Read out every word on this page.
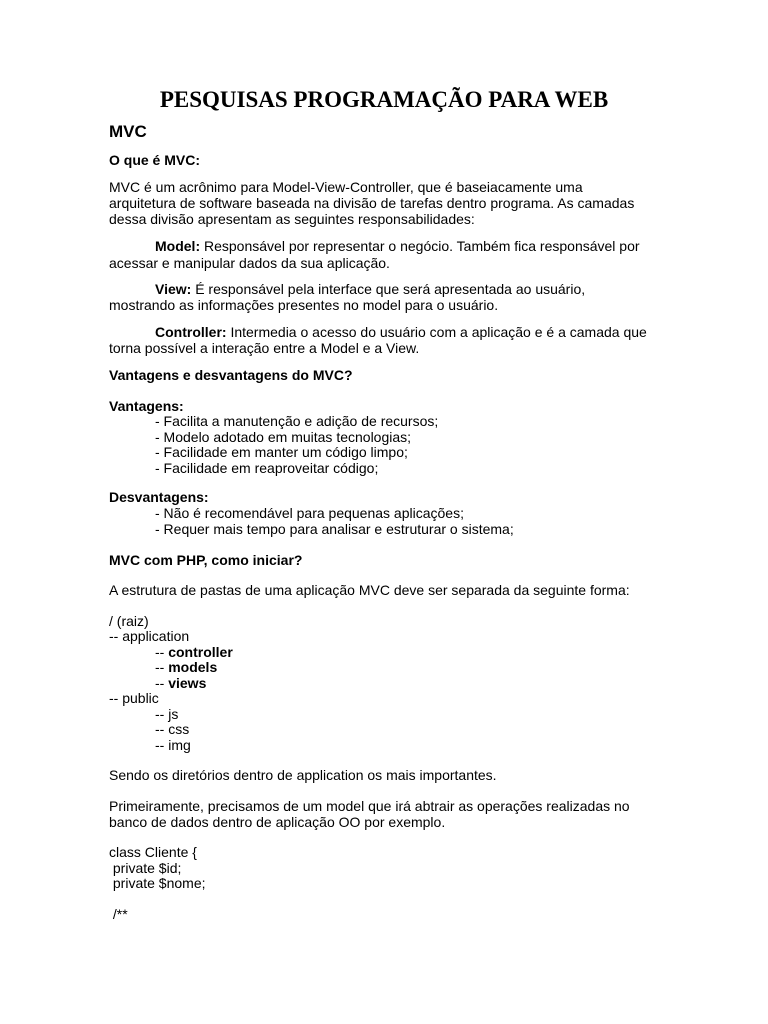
PESQUISAS PROGRAMAÇÃO PARA WEB
MVC
O que é MVC:
MVC é um acrônimo para Model-View-Controller, que é baseiacamente uma
arquitetura de software baseada na divisão de tarefas dentro programa. As camadas
dessa divisão apresentam as seguintes responsabilidades:
Model: Responsável por representar o negócio. Também fica responsável por
acessar e manipular dados da sua aplicação.
View: É responsável pela interface que será apresentada ao usuário,
mostrando as informações presentes no model para o usuário.
Controller: Intermedia o acesso do usuário com a aplicação e é a camada que
torna possível a interação entre a Model e a View.
Vantagens e desvantagens do MVC?
Vantagens:
- Facilita a manutenção e adição de recursos;
- Modelo adotado em muitas tecnologias;
- Facilidade em manter um código limpo;
- Facilidade em reaproveitar código;
Desvantagens:
- Não é recomendável para pequenas aplicações;
- Requer mais tempo para analisar e estruturar o sistema;
MVC com PHP, como iniciar?
A estrutura de pastas de uma aplicação MVC deve ser separada da seguinte forma:
/ (raiz)
-- application
-- controller
-- models
-- views
-- public
-- js
-- css
-- img
Sendo os diretórios dentro de application os mais importantes.
Primeiramente, precisamos de um model que irá abtrair as operações realizadas no
banco de dados dentro de aplicação OO por exemplo.
class Cliente {
private $id;
private $nome;
/**
